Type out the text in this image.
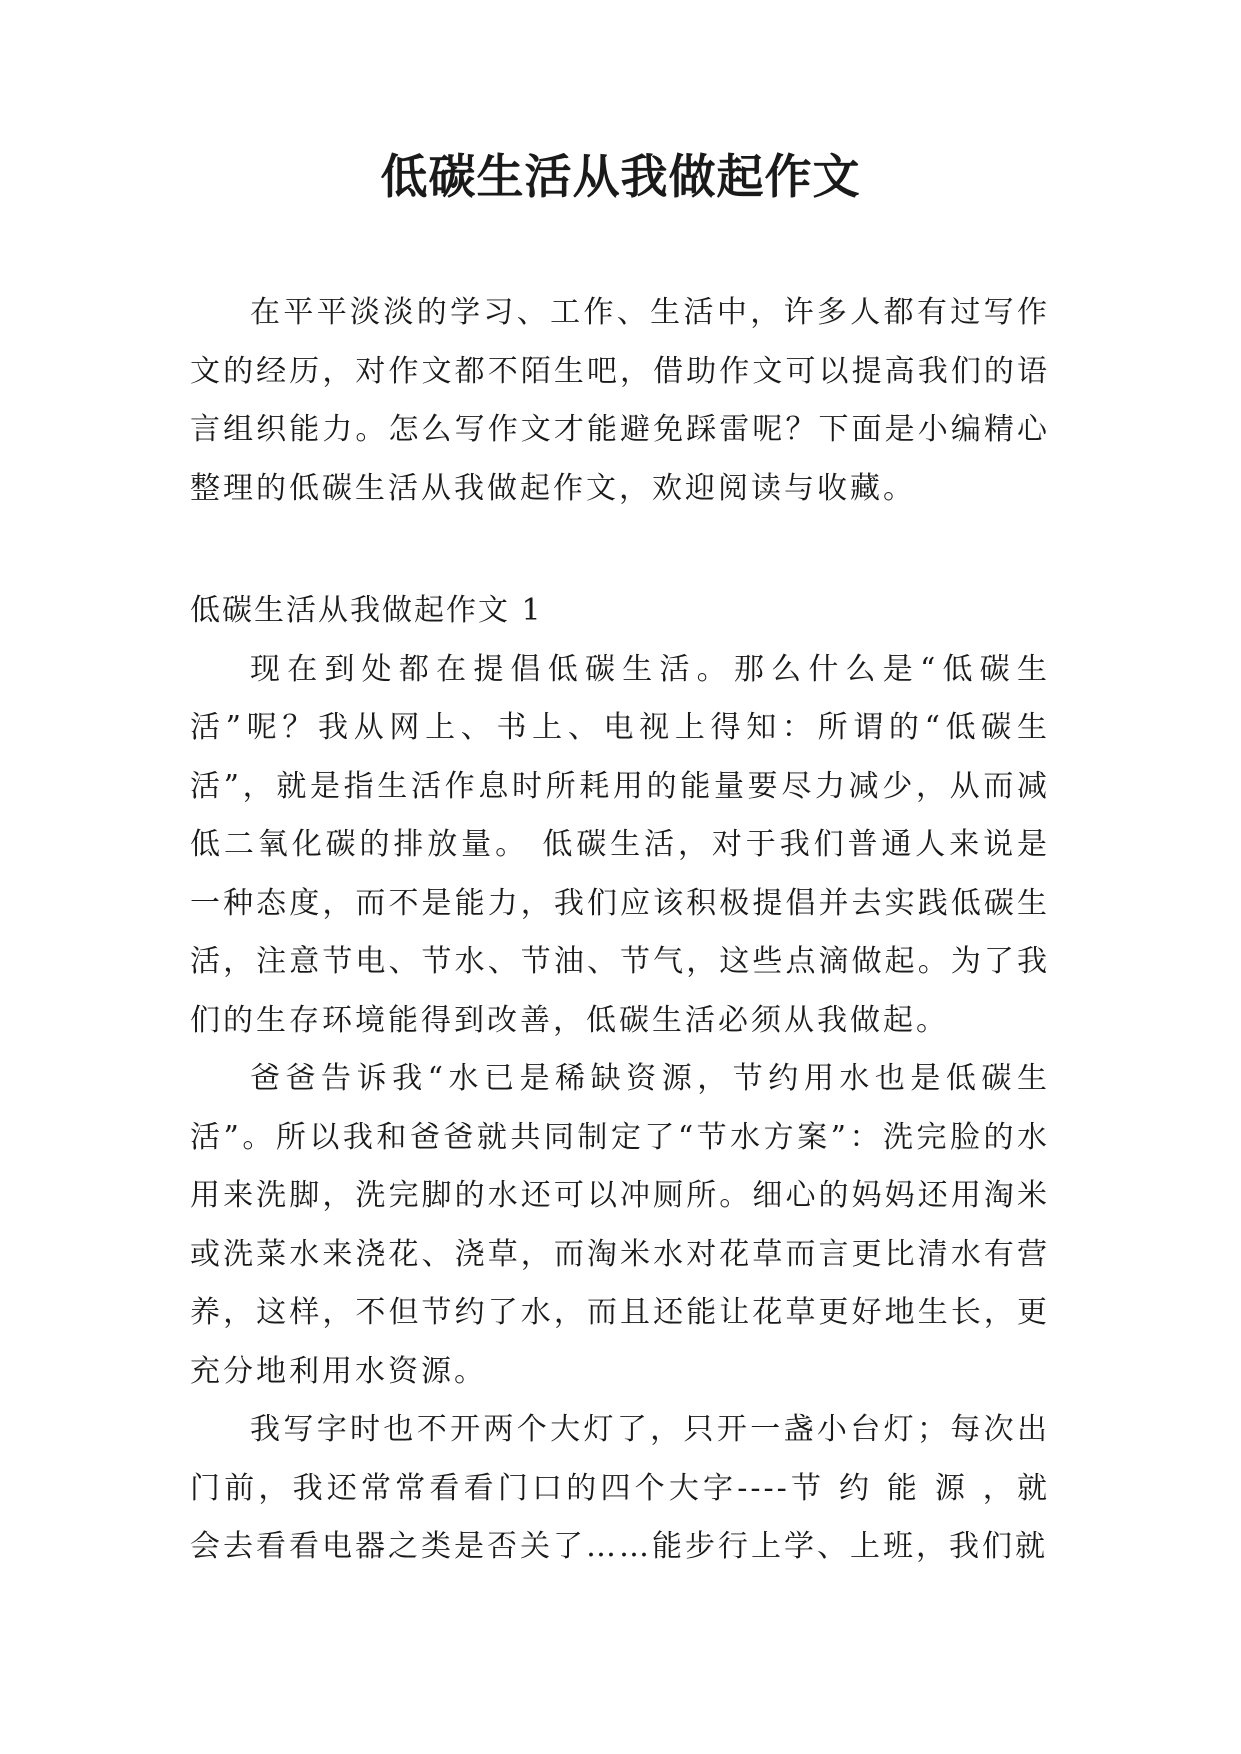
低碳生活从我做起作文

在平平淡淡的学习、工作、生活中，许多人都有过写作文的经历，对作文都不陌生吧，借助作文可以提高我们的语言组织能力。怎么写作文才能避免踩雷呢？下面是小编精心整理的低碳生活从我做起作文，欢迎阅读与收藏。

低碳生活从我做起作文 1

现在到处都在提倡低碳生活。那么什么是“低碳生活”呢？我从网上、书上、电视上得知：所谓的“低碳生活”，就是指生活作息时所耗用的能量要尽力减少，从而减低二氧化碳的排放量。 低碳生活，对于我们普通人来说是一种态度，而不是能力，我们应该积极提倡并去实践低碳生活，注意节电、节水、节油、节气，这些点滴做起。为了我们的生存环境能得到改善，低碳生活必须从我做起。

爸爸告诉我“水已是稀缺资源，节约用水也是低碳生活”。所以我和爸爸就共同制定了“节水方案”：洗完脸的水用来洗脚，洗完脚的水还可以冲厕所。细心的妈妈还用淘米或洗菜水来浇花、浇草，而淘米水对花草而言更比清水有营养，这样，不但节约了水，而且还能让花草更好地生长，更充分地利用水资源。

我写字时也不开两个大灯了，只开一盏小台灯；每次出门前，我还常常看看门口的四个大字----节 约 能 源 ，就会去看看电器之类是否关了……能步行上学、上班，我们就
